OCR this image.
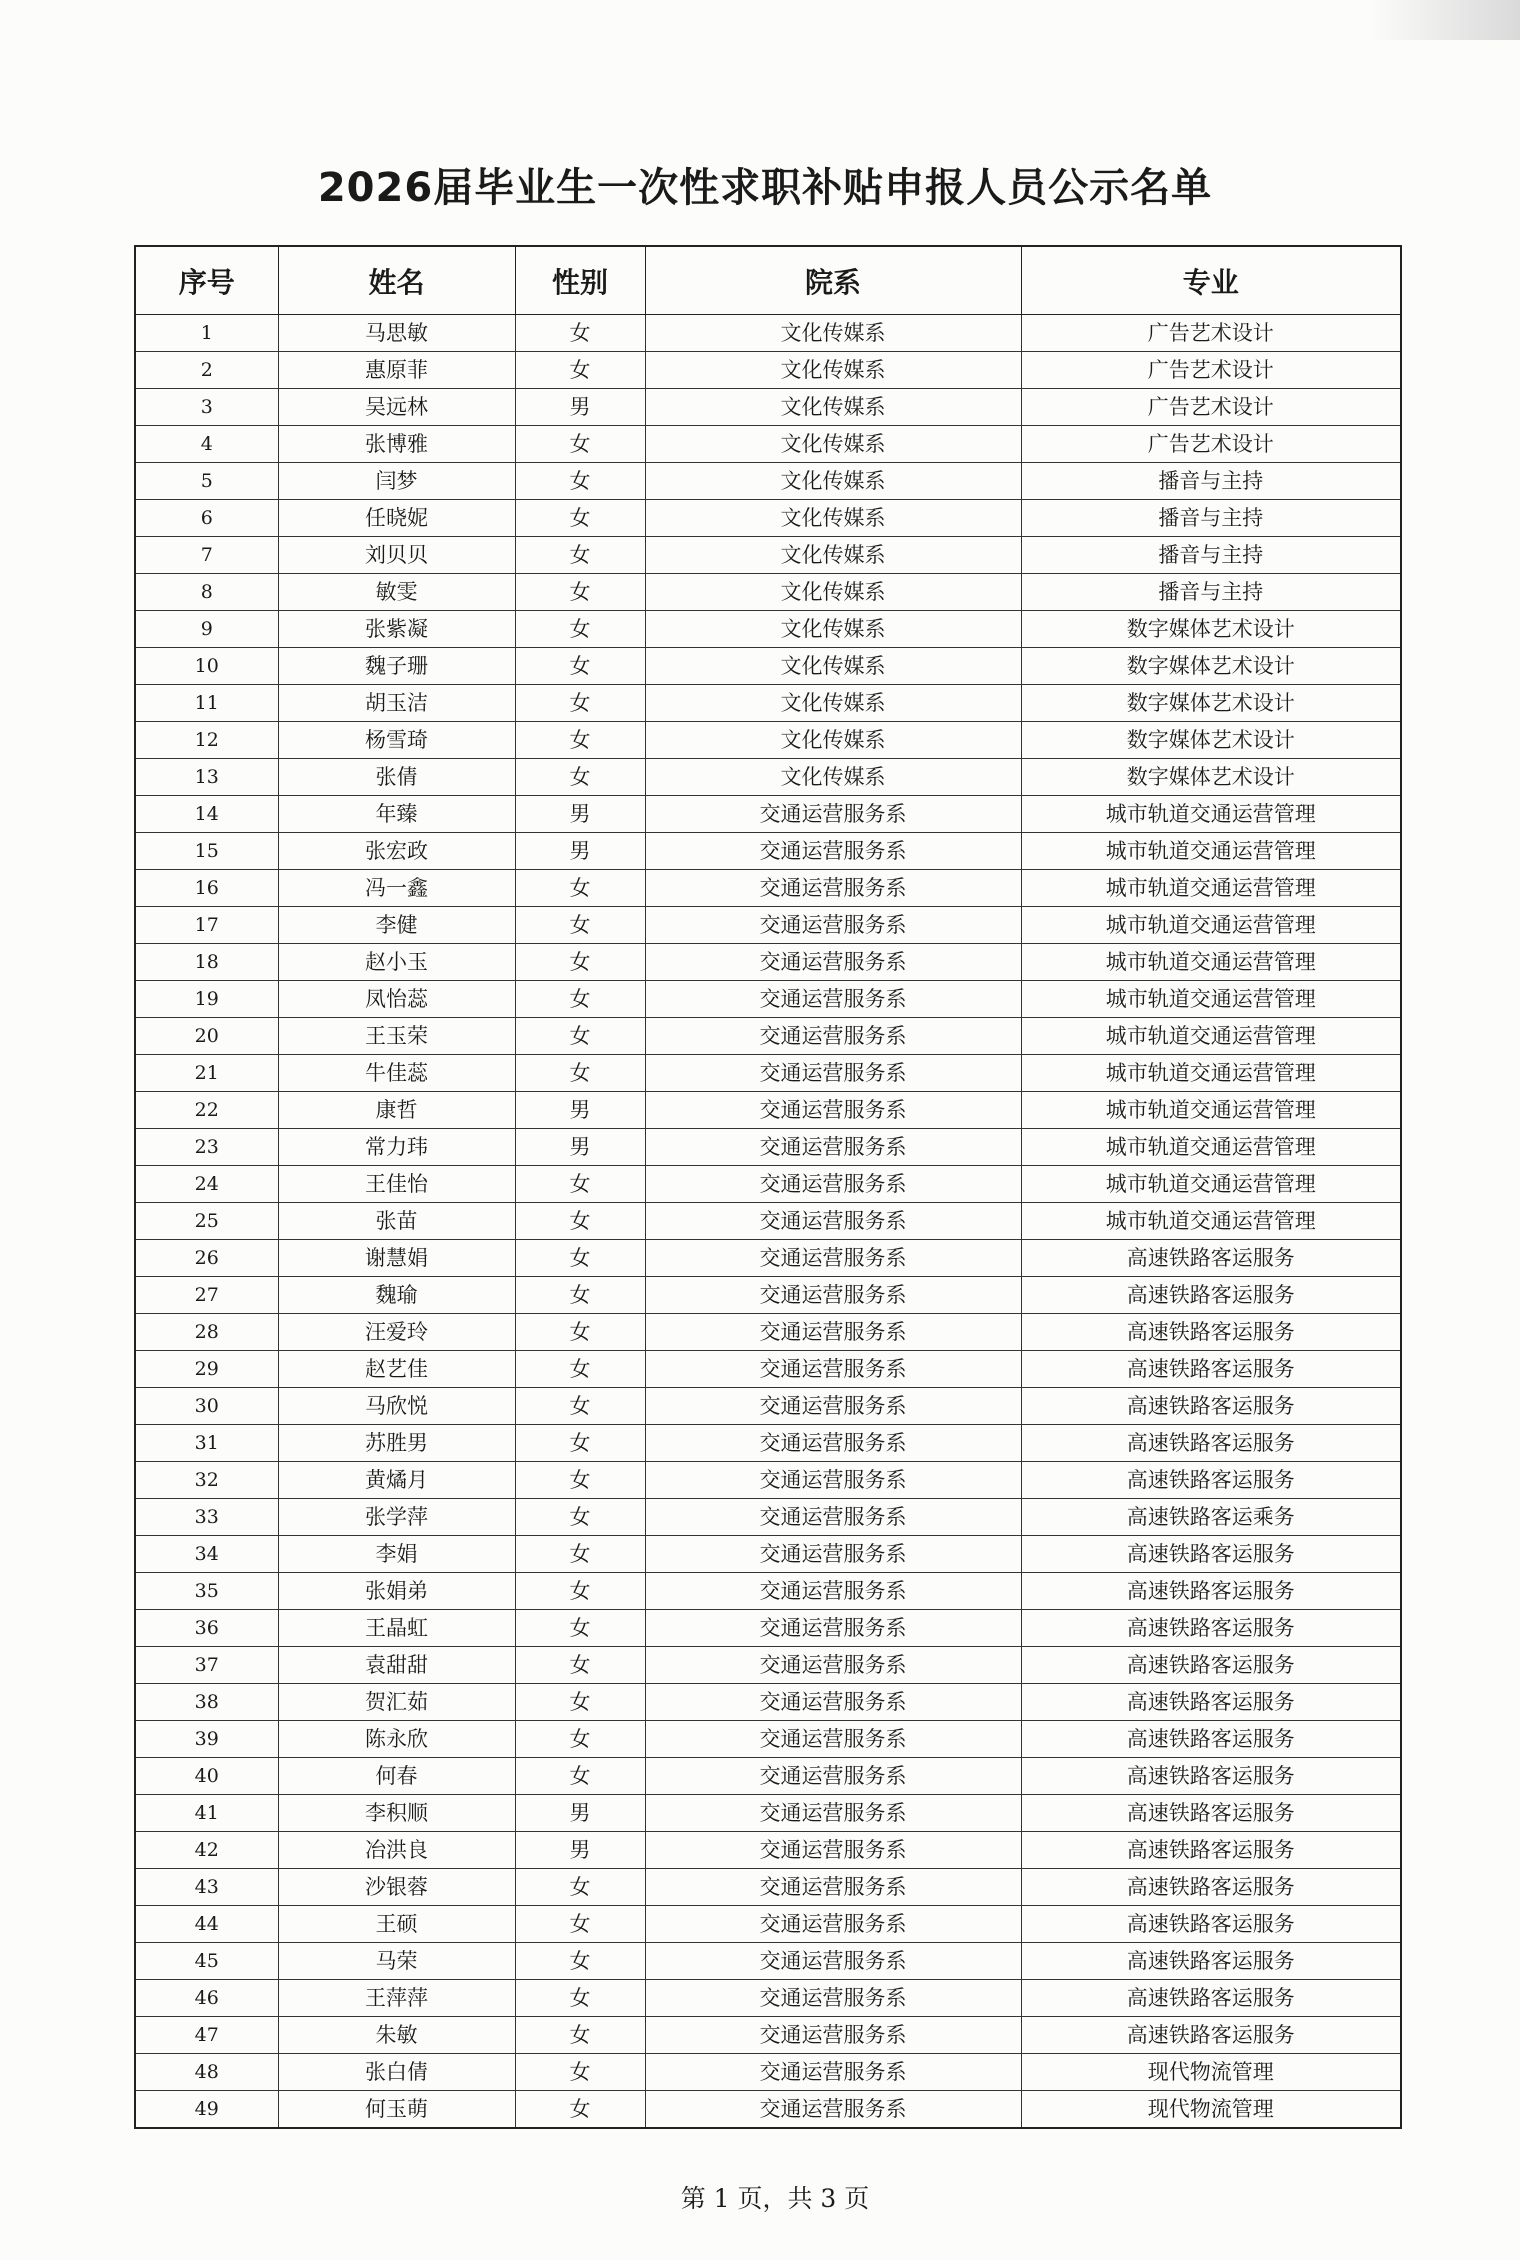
2026届毕业生一次性求职补贴申报人员公示名单
序号	姓名	性别	院系	专业
1	马思敏	女	文化传媒系	广告艺术设计
2	惠原菲	女	文化传媒系	广告艺术设计
3	吴远林	男	文化传媒系	广告艺术设计
4	张博雅	女	文化传媒系	广告艺术设计
5	闫梦	女	文化传媒系	播音与主持
6	任晓妮	女	文化传媒系	播音与主持
7	刘贝贝	女	文化传媒系	播音与主持
8	敏雯	女	文化传媒系	播音与主持
9	张紫凝	女	文化传媒系	数字媒体艺术设计
10	魏子珊	女	文化传媒系	数字媒体艺术设计
11	胡玉洁	女	文化传媒系	数字媒体艺术设计
12	杨雪琦	女	文化传媒系	数字媒体艺术设计
13	张倩	女	文化传媒系	数字媒体艺术设计
14	年臻	男	交通运营服务系	城市轨道交通运营管理
15	张宏政	男	交通运营服务系	城市轨道交通运营管理
16	冯一鑫	女	交通运营服务系	城市轨道交通运营管理
17	李健	女	交通运营服务系	城市轨道交通运营管理
18	赵小玉	女	交通运营服务系	城市轨道交通运营管理
19	凤怡蕊	女	交通运营服务系	城市轨道交通运营管理
20	王玉荣	女	交通运营服务系	城市轨道交通运营管理
21	牛佳蕊	女	交通运营服务系	城市轨道交通运营管理
22	康哲	男	交通运营服务系	城市轨道交通运营管理
23	常力玮	男	交通运营服务系	城市轨道交通运营管理
24	王佳怡	女	交通运营服务系	城市轨道交通运营管理
25	张苗	女	交通运营服务系	城市轨道交通运营管理
26	谢慧娟	女	交通运营服务系	高速铁路客运服务
27	魏瑜	女	交通运营服务系	高速铁路客运服务
28	汪爱玲	女	交通运营服务系	高速铁路客运服务
29	赵艺佳	女	交通运营服务系	高速铁路客运服务
30	马欣悦	女	交通运营服务系	高速铁路客运服务
31	苏胜男	女	交通运营服务系	高速铁路客运服务
32	黄燏月	女	交通运营服务系	高速铁路客运服务
33	张学萍	女	交通运营服务系	高速铁路客运乘务
34	李娟	女	交通运营服务系	高速铁路客运服务
35	张娟弟	女	交通运营服务系	高速铁路客运服务
36	王晶虹	女	交通运营服务系	高速铁路客运服务
37	袁甜甜	女	交通运营服务系	高速铁路客运服务
38	贺汇茹	女	交通运营服务系	高速铁路客运服务
39	陈永欣	女	交通运营服务系	高速铁路客运服务
40	何春	女	交通运营服务系	高速铁路客运服务
41	李积顺	男	交通运营服务系	高速铁路客运服务
42	冶洪良	男	交通运营服务系	高速铁路客运服务
43	沙银蓉	女	交通运营服务系	高速铁路客运服务
44	王硕	女	交通运营服务系	高速铁路客运服务
45	马荣	女	交通运营服务系	高速铁路客运服务
46	王萍萍	女	交通运营服务系	高速铁路客运服务
47	朱敏	女	交通运营服务系	高速铁路客运服务
48	张白倩	女	交通运营服务系	现代物流管理
49	何玉萌	女	交通运营服务系	现代物流管理
第 1 页，共 3 页
